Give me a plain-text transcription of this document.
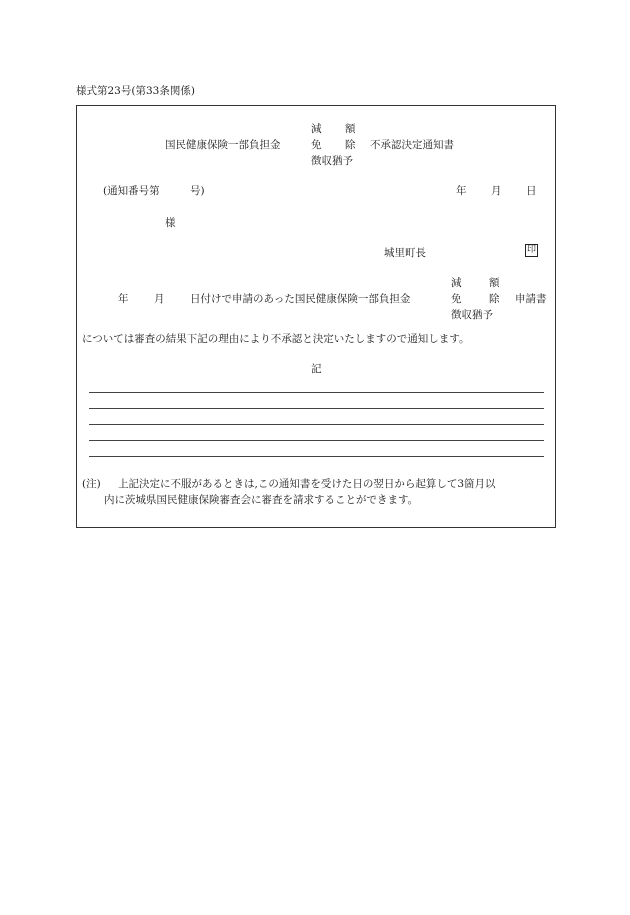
様式第23号(第33条関係)
国民健康保険一部負担金
減 額
免 除
徴収猶予
不承認決定通知書
(通知番号第	号)	年 月 日
様
城里町長	印
年 月 日付けで申請のあった国民健康保険一部負担金
減	額
免	除
徴収猶予
申請書
については審査の結果下記の理由により不承認と決定いたしますので通知します。
記
(注) 上記決定に不服があるときは,この通知書を受けた日の翌日から起算して3箇月以
内に茨城県国民健康保険審査会に審査を請求することができます。
